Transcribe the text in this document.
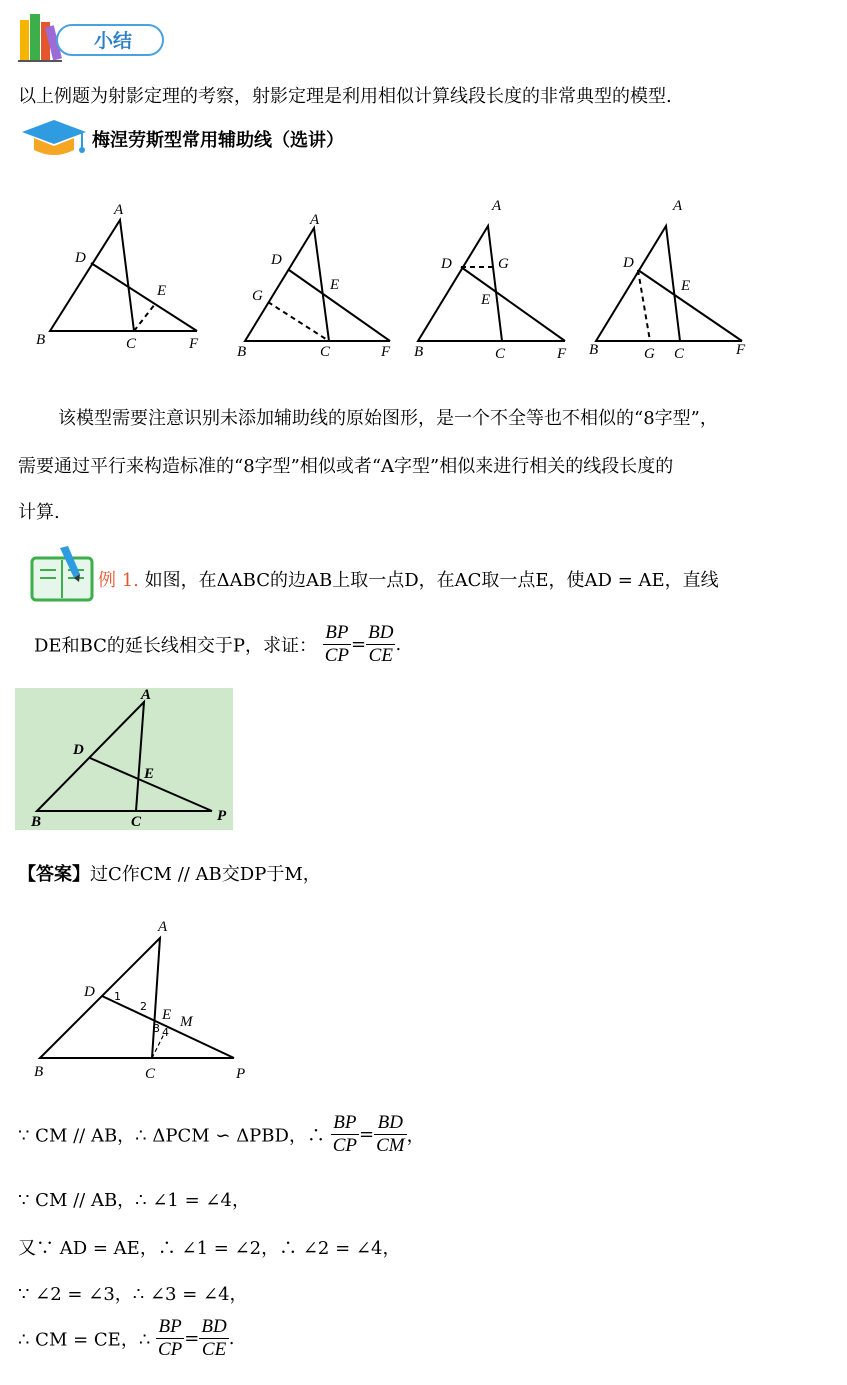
小结
以上例题为射影定理的考察，射影定理是利用相似计算线段长度的非常典型的模型.
梅涅劳斯型常用辅助线（选讲）
A
D
E
B	C	F
A
D
E
G
B	C	F
A
D	G
E
B	C	F
A
D
E
B	G C	F
该模型需要注意识别未添加辅助线的原始图形，是一个不全等也不相似的“8字型”，
需要通过平行来构造标准的“8字型”相似或者“A字型”相似来进行相关的线段长度的
计算.
例 1. 如图，在ΔABC的边AB上取一点D，在AC取一点E，使AD = AE，直线
DE和BC的延长线相交于P，求证： $\frac{BP}{CP} = \frac{BD}{CE}$ .
A
D
E
B	C	P
【答案】过C作CM // AB交DP于M，
A
D
E M
B	C	P
1
2
3 4
∵ CM // AB，∴ ΔPCM ∽ ΔPBD，∴ $\frac{BP}{CP} = \frac{BD}{CM}$ ，
∵ CM // AB，∴ ∠1 = ∠4，
又∵ AD = AE，∴ ∠1 = ∠2，∴ ∠2 = ∠4，
∵ ∠2 = ∠3，∴ ∠3 = ∠4，
∴ CM = CE，∴ $\frac{BP}{CP} = \frac{BD}{CE}$ .
